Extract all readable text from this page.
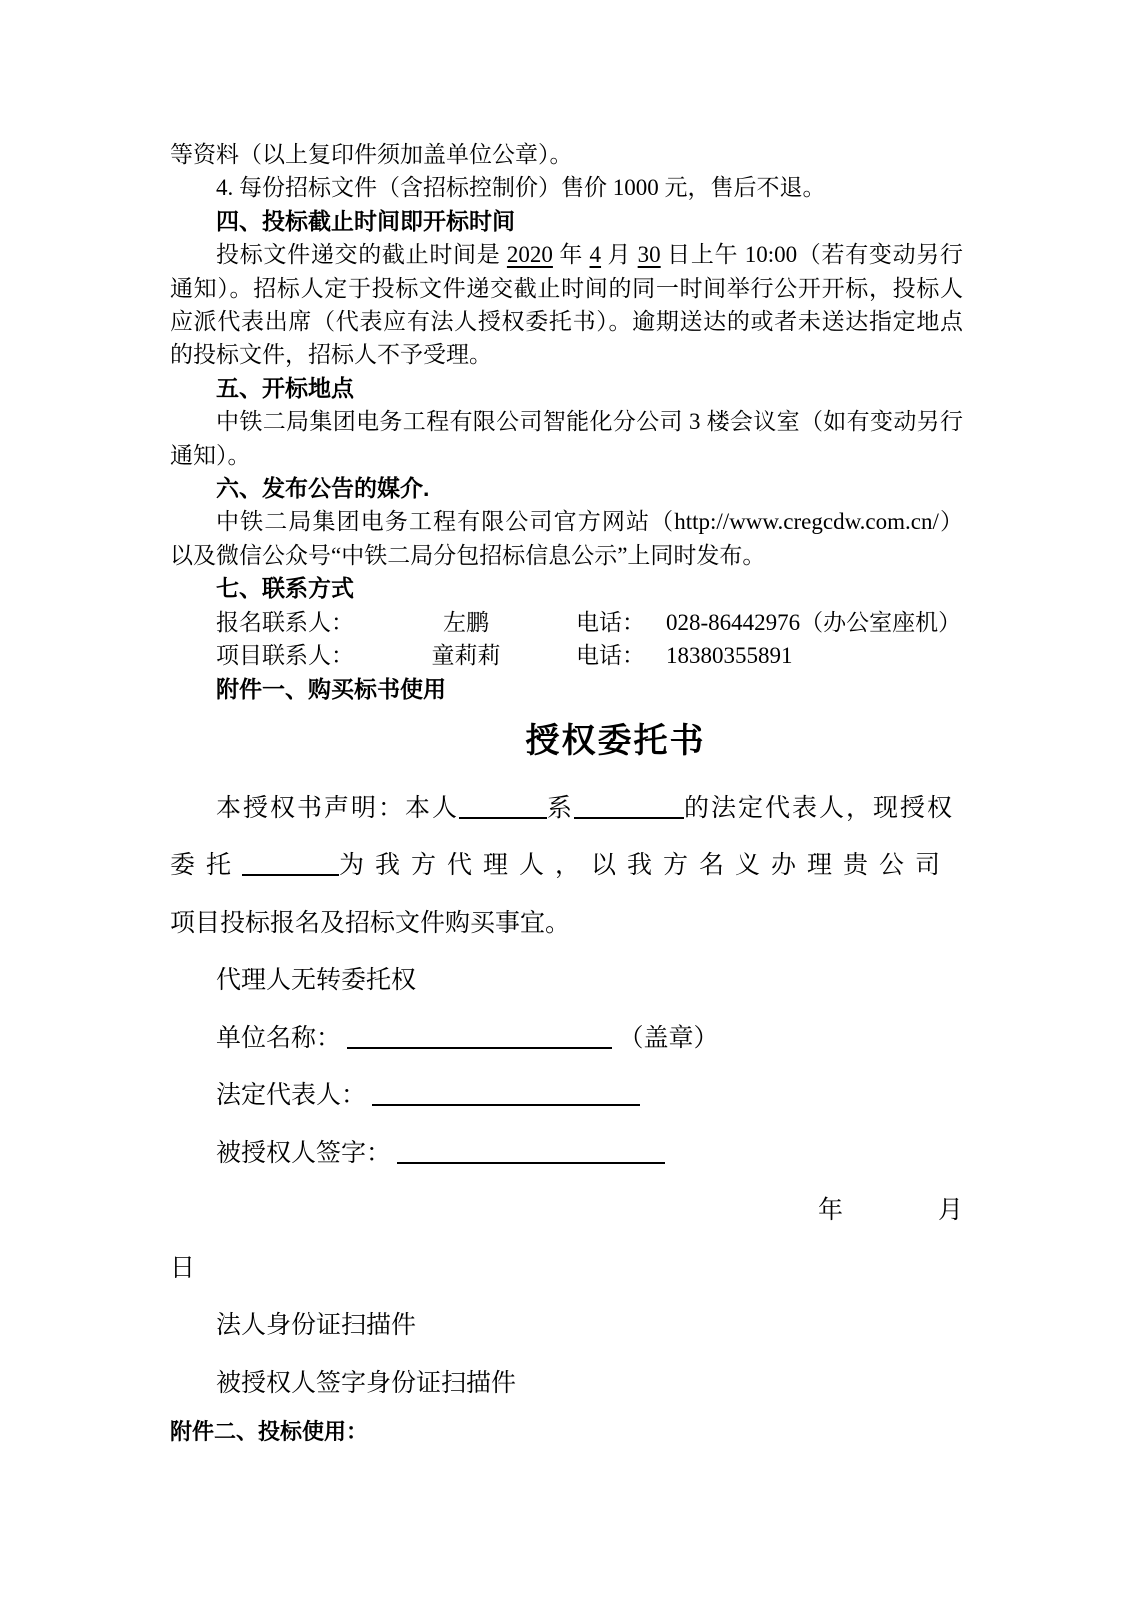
等资料（以上复印件须加盖单位公章）。

4. 每份招标文件（含招标控制价）售价 1000 元，售后不退。

四、投标截止时间即开标时间

投标文件递交的截止时间是 2020 年 4 月 30 日上午 10:00（若有变动另行通知）。招标人定于投标文件递交截止时间的同一时间举行公开开标，投标人应派代表出席（代表应有法人授权委托书）。逾期送达的或者未送达指定地点的投标文件，招标人不予受理。

五、开标地点

中铁二局集团电务工程有限公司智能化分公司 3 楼会议室（如有变动另行通知）。

六、发布公告的媒介.

中铁二局集团电务工程有限公司官方网站（http://www.cregcdw.com.cn/）以及微信公众号“中铁二局分包招标信息公示”上同时发布。

七、联系方式

报名联系人：	左鹏	电话： 028-86442976（办公室座机）
项目联系人：	童莉莉	电话： 18380355891

附件一、购买标书使用

授权委托书

本授权书声明：本人	系	的法定代表人，现授权

委托	为我方代理人，以我方名义办理贵公司

项目投标报名及招标文件购买事宜。

代理人无转委托权

单位名称：	（盖章）

法定代表人：

被授权人签字：

年	月

日

法人身份证扫描件

被授权人签字身份证扫描件

附件二、投标使用：
